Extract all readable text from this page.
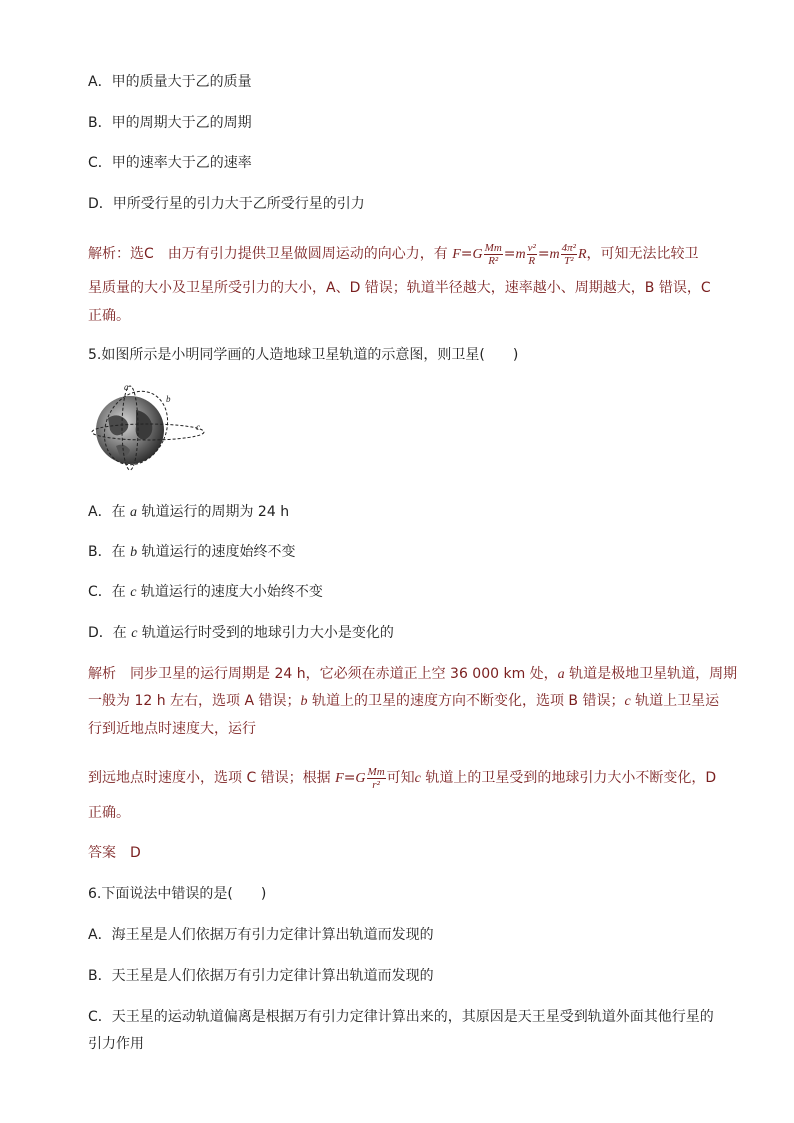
A．甲的质量大于乙的质量
B．甲的周期大于乙的周期
C．甲的速率大于乙的速率
D．甲所受行星的引力大于乙所受行星的引力
解析：选C　由万有引力提供卫星做圆周运动的向心力，有 $F=G \frac{Mm}{\text{R²}} =m \frac{\text{v²}}{R} =m \frac{\text{4π²}}{\text{T²}}$ R，可知无法比较卫
星质量的大小及卫星所受引力的大小，A、D 错误；轨道半径越大，速率越小、周期越大，B 错误，C
正确。
5.如图所示是小明同学画的人造地球卫星轨道的示意图，则卫星(　　)
a
b
c
A．在 a 轨道运行的周期为 24 h
B．在 b 轨道运行的速度始终不变
C．在 c 轨道运行的速度大小始终不变
D．在 c 轨道运行时受到的地球引力大小是变化的
解析　同步卫星的运行周期是 24 h，它必须在赤道正上空 36 000 km 处，a 轨道是极地卫星轨道，周期
一般为 12 h 左右，选项 A 错误；b 轨道上的卫星的速度方向不断变化，选项 B 错误；c 轨道上卫星运
行到近地点时速度大，运行
到远地点时速度小，选项 C 错误；根据 $F=G \frac{Mm}{\text{r²}}$ 可知c 轨道上的卫星受到的地球引力大小不断变化，D
正确。
答案　D
6.下面说法中错误的是(　　)
A．海王星是人们依据万有引力定律计算出轨道而发现的
B．天王星是人们依据万有引力定律计算出轨道而发现的
C．天王星的运动轨道偏离是根据万有引力定律计算出来的，其原因是天王星受到轨道外面其他行星的
引力作用
